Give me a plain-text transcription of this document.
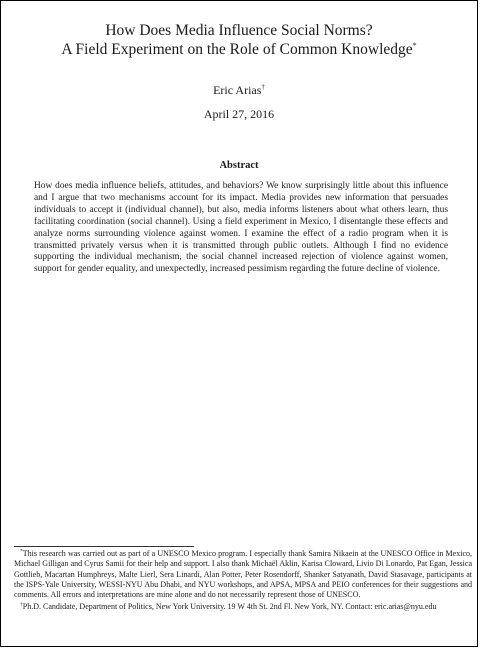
How Does Media Influence Social Norms?
A Field Experiment on the Role of Common Knowledge*
Eric Arias†
April 27, 2016
Abstract
How does media influence beliefs, attitudes, and behaviors? We know surprisingly little about this influence and I argue that two mechanisms account for its impact. Media provides new information that persuades individuals to accept it (individual channel), but also, media informs listeners about what others learn, thus facilitating coordination (social channel). Using a field experiment in Mexico, I disentangle these effects and analyze norms surrounding violence against women. I examine the effect of a radio program when it is transmitted privately versus when it is transmitted through public outlets. Although I find no evidence supporting the individual mechanism, the social channel increased rejection of violence against women, support for gender equality, and unexpectedly, increased pessimism regarding the future decline of violence.

*This research was carried out as part of a UNESCO Mexico program. I especially thank Samira Nikaein at the UNESCO Office in Mexico, Michael Gilligan and Cyrus Samii for their help and support. I also thank Michaël Aklin, Karisa Cloward, Livio Di Lonardo, Pat Egan, Jessica Gottlieb, Macartan Humphreys, Malte Lierl, Sera Linardi, Alan Potter, Peter Rosendorff, Shanker Satyanath, David Stasavage, participants at the ISPS-Yale University, WESSI-NYU Abu Dhabi, and NYU workshops, and APSA, MPSA and PEIO conferences for their suggestions and comments. All errors and interpretations are mine alone and do not necessarily represent those of UNESCO.

†Ph.D. Candidate, Department of Politics, New York University. 19 W 4th St. 2nd Fl. New York, NY. Contact: eric.arias@nyu.edu
